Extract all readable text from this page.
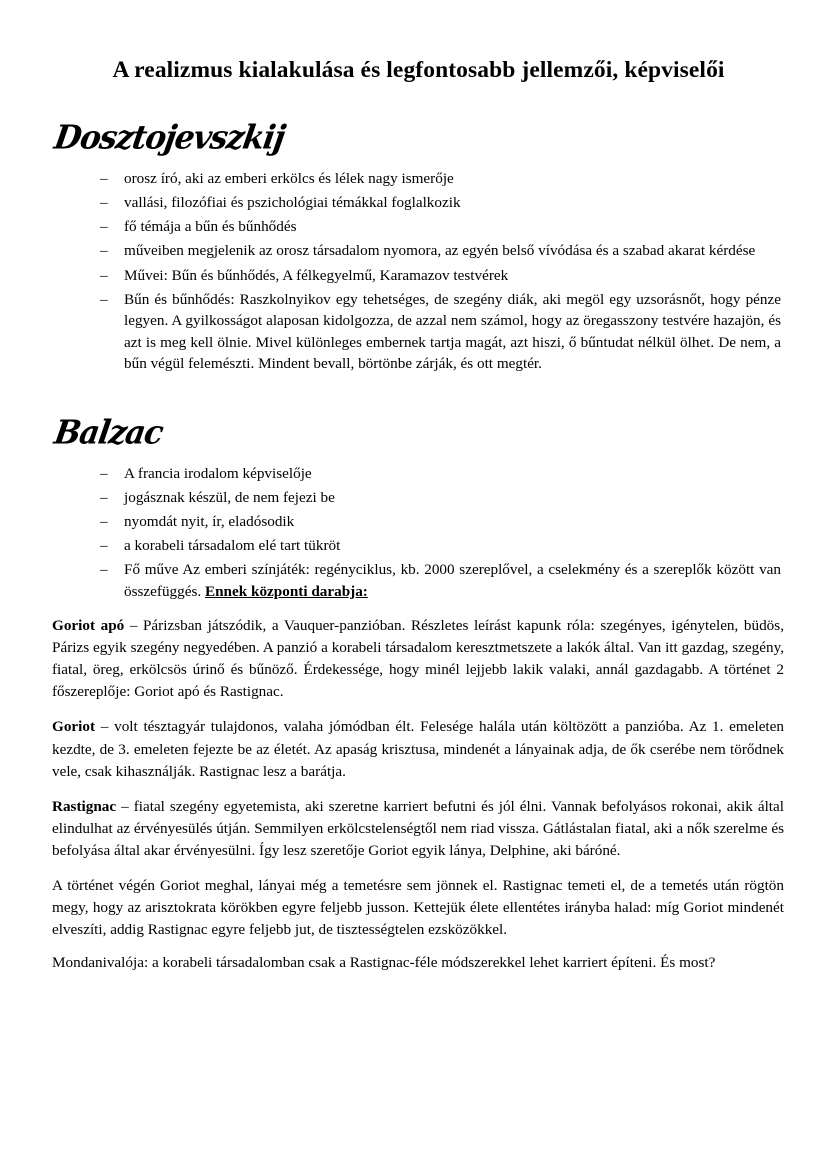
A realizmus kialakulása és legfontosabb jellemzői, képviselői
Dosztojevszkij
– orosz író, aki az emberi erkölcs és lélek nagy ismerője
– vallási, filozófiai és pszichológiai témákkal foglalkozik
– fő témája a bűn és bűnhődés
– műveiben megjelenik az orosz társadalom nyomora, az egyén belső vívódása és a szabad akarat kérdése
– Művei: Bűn és bűnhődés, A félkegyelmű, Karamazov testvérek
– Bűn és bűnhődés: Raszkolnyikov egy tehetséges, de szegény diák, aki megöl egy uzsorásnőt, hogy pénze legyen. A gyilkosságot alaposan kidolgozza, de azzal nem számol, hogy az öregasszony testvére hazajön, és azt is meg kell ölnie. Mivel különleges embernek tartja magát, azt hiszi, ő bűntudat nélkül ölhet. De nem, a bűn végül felemészti. Mindent bevall, börtönbe zárják, és ott megtér.
Balzac
– A francia irodalom képviselője
– jogásznak készül, de nem fejezi be
– nyomdát nyit, ír, eladósodik
– a korabeli társadalom elé tart tükröt
– Fő műve Az emberi színjáték: regényciklus, kb. 2000 szereplővel, a cselekmény és a szereplők között van összefüggés. Ennek központi darabja:

Goriot apó – Párizsban játszódik, a Vauquer-panzióban. Részletes leírást kapunk róla: szegényes, igénytelen, büdös, Párizs egyik szegény negyedében. A panzió a korabeli társadalom keresztmetszete a lakók által. Van itt gazdag, szegény, fiatal, öreg, erkölcsös úrinő és bűnöző. Érdekessége, hogy minél lejjebb lakik valaki, annál gazdagabb. A történet 2 főszereplője: Goriot apó és Rastignac.

Goriot – volt tésztagyár tulajdonos, valaha jómódban élt. Felesége halála után költözött a panzióba. Az 1. emeleten kezdte, de 3. emeleten fejezte be az életét. Az apaság krisztusa, mindenét a lányainak adja, de ők cserébe nem törődnek vele, csak kihasználják. Rastignac lesz a barátja.

Rastignac – fiatal szegény egyetemista, aki szeretne karriert befutni és jól élni. Vannak befolyásos rokonai, akik által elindulhat az érvényesülés útján. Semmilyen erkölcstelenségtől nem riad vissza. Gátlástalan fiatal, aki a nők szerelme és befolyása által akar érvényesülni. Így lesz szeretője Goriot egyik lánya, Delphine, aki báróné.

A történet végén Goriot meghal, lányai még a temetésre sem jönnek el. Rastignac temeti el, de a temetés után rögtön megy, hogy az arisztokrata körökben egyre feljebb jusson. Kettejük élete ellentétes irányba halad: míg Goriot mindenét elveszíti, addig Rastignac egyre feljebb jut, de tisztességtelen ezsközökkel.

Mondanivalója: a korabeli társadalomban csak a Rastignac-féle módszerekkel lehet karriert építeni. És most?
